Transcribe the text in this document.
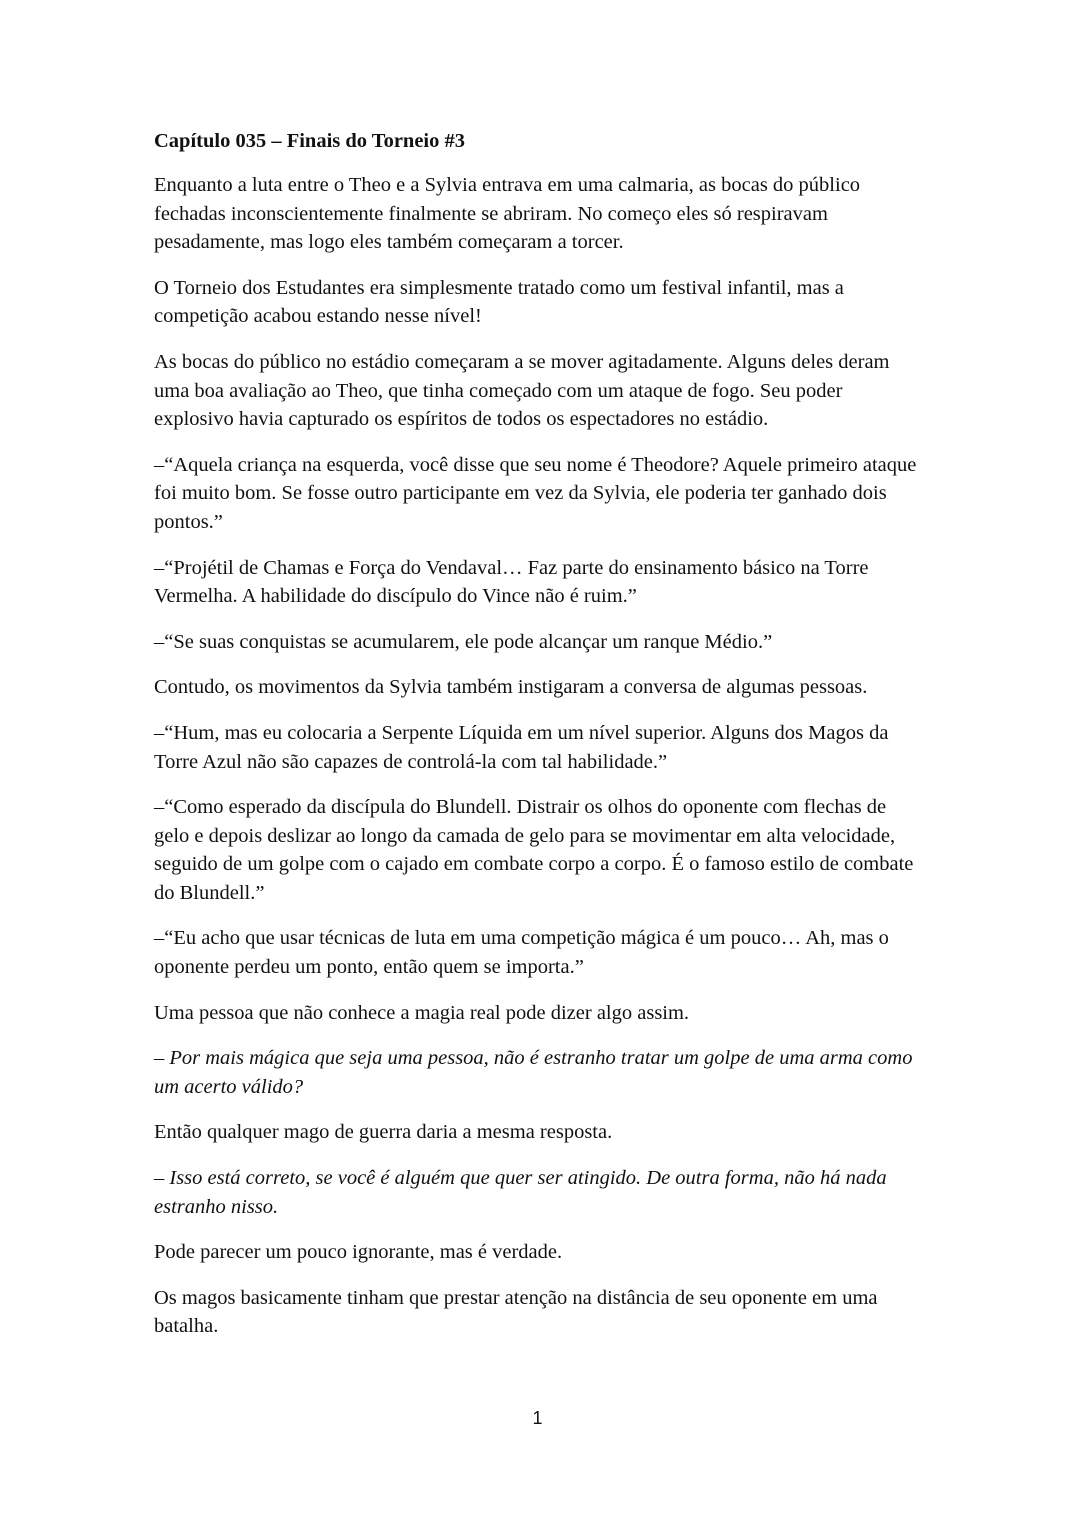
Capítulo 035 – Finais do Torneio #3

Enquanto a luta entre o Theo e a Sylvia entrava em uma calmaria, as bocas do público fechadas inconscientemente finalmente se abriram. No começo eles só respiravam pesadamente, mas logo eles também começaram a torcer.

O Torneio dos Estudantes era simplesmente tratado como um festival infantil, mas a competição acabou estando nesse nível!

As bocas do público no estádio começaram a se mover agitadamente. Alguns deles deram uma boa avaliação ao Theo, que tinha começado com um ataque de fogo. Seu poder explosivo havia capturado os espíritos de todos os espectadores no estádio.

–“Aquela criança na esquerda, você disse que seu nome é Theodore? Aquele primeiro ataque foi muito bom. Se fosse outro participante em vez da Sylvia, ele poderia ter ganhado dois pontos.”

–“Projétil de Chamas e Força do Vendaval… Faz parte do ensinamento básico na Torre Vermelha. A habilidade do discípulo do Vince não é ruim.”

–“Se suas conquistas se acumularem, ele pode alcançar um ranque Médio.”

Contudo, os movimentos da Sylvia também instigaram a conversa de algumas pessoas.

–“Hum, mas eu colocaria a Serpente Líquida em um nível superior. Alguns dos Magos da Torre Azul não são capazes de controlá-la com tal habilidade.”

–“Como esperado da discípula do Blundell. Distrair os olhos do oponente com flechas de gelo e depois deslizar ao longo da camada de gelo para se movimentar em alta velocidade, seguido de um golpe com o cajado em combate corpo a corpo. É o famoso estilo de combate do Blundell.”

–“Eu acho que usar técnicas de luta em uma competição mágica é um pouco… Ah, mas o oponente perdeu um ponto, então quem se importa.”

Uma pessoa que não conhece a magia real pode dizer algo assim.

– Por mais mágica que seja uma pessoa, não é estranho tratar um golpe de uma arma como um acerto válido?

Então qualquer mago de guerra daria a mesma resposta.

– Isso está correto, se você é alguém que quer ser atingido. De outra forma, não há nada estranho nisso.

Pode parecer um pouco ignorante, mas é verdade.

Os magos basicamente tinham que prestar atenção na distância de seu oponente em uma batalha.

1
